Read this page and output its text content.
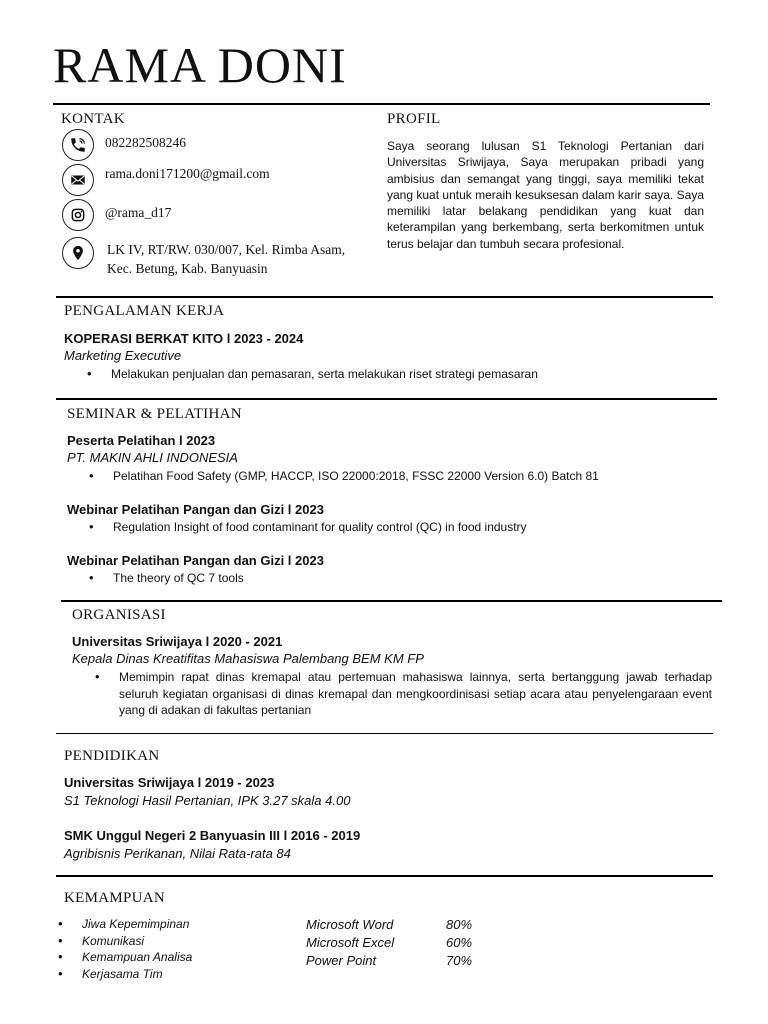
RAMA DONI
KONTAK
082282508246
rama.doni171200@gmail.com
@rama_d17
LK IV, RT/RW. 030/007, Kel. Rimba Asam,
Kec. Betung, Kab. Banyuasin
PROFIL
Saya seorang lulusan S1 Teknologi Pertanian dari Universitas Sriwijaya, Saya merupakan pribadi yang ambisius dan semangat yang tinggi, saya memiliki tekat yang kuat untuk meraih kesuksesan dalam karir saya. Saya memiliki latar belakang pendidikan yang kuat dan keterampilan yang berkembang, serta berkomitmen untuk terus belajar dan tumbuh secara profesional.
PENGALAMAN KERJA
KOPERASI BERKAT KITO l 2023 - 2024
Marketing Executive
• Melakukan penjualan dan pemasaran, serta melakukan riset strategi pemasaran
SEMINAR & PELATIHAN
Peserta Pelatihan l 2023
PT. MAKIN AHLI INDONESIA
• Pelatihan Food Safety (GMP, HACCP, ISO 22000:2018, FSSC 22000 Version 6.0) Batch 81
Webinar Pelatihan Pangan dan Gizi l 2023
• Regulation Insight of food contaminant for quality control (QC) in food industry
Webinar Pelatihan Pangan dan Gizi l 2023
• The theory of QC 7 tools
ORGANISASI
Universitas Sriwijaya l 2020 - 2021
Kepala Dinas Kreatifitas Mahasiswa Palembang BEM KM FP
• Memimpin rapat dinas kremapal atau pertemuan mahasiswa lainnya, serta bertanggung jawab terhadap seluruh kegiatan organisasi di dinas kremapal dan mengkoordinisasi setiap acara atau penyelengaraan event yang di adakan di fakultas pertanian
PENDIDIKAN
Universitas Sriwijaya l 2019 - 2023
S1 Teknologi Hasil Pertanian, IPK 3.27 skala 4.00
SMK Unggul Negeri 2 Banyuasin III l 2016 - 2019
Agribisnis Perikanan, Nilai Rata-rata 84
KEMAMPUAN
• Jiwa Kepemimpinan
• Komunikasi
• Kemampuan Analisa
• Kerjasama Tim
Microsoft Word	80%
Microsoft Excel	60%
Power Point	70%
